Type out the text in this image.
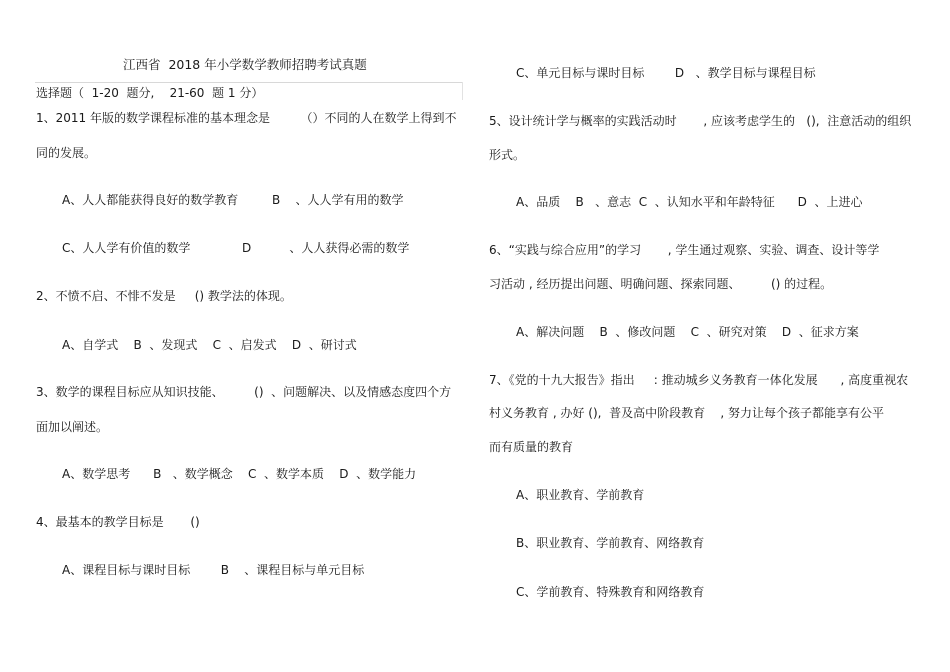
江西省  2018 年小学数学教师招聘考试真题
选择题（  1-20  题分,    21-60  题 1 分）
1、2011 年版的数学课程标准的基本理念是        （）不同的人在数学上得到不
同的发展。
A、人人都能获得良好的数学教育	B    、人人学有用的数学
C、人人学有价值的数学	D          、人人获得必需的数学
2、不愤不启、不悱不发是     () 教学法的体现。
A、自学式    B  、发现式    C  、启发式    D  、研讨式
3、数学的课程目标应从知识技能、        ()  、问题解决、以及情感态度四个方
面加以阐述。
A、数学思考      B   、数学概念    C  、数学本质    D  、数学能力
4、最基本的教学目标是       ()
A、课程目标与课时目标        B    、课程目标与单元目标
C、单元目标与课时目标        D   、教学目标与课程目标
5、设计统计学与概率的实践活动时       , 应该考虑学生的   (),  注意活动的组织
形式。
A、品质    B   、意志  C  、认知水平和年龄特征      D  、上进心
6、“实践与综合应用”的学习       , 学生通过观察、实验、调查、设计等学
习活动 , 经历提出问题、明确问题、探索同题、        () 的过程。
A、解决问题    B  、修改问题    C  、研究对策    D  、征求方案
7、《党的十九大报告》指出     : 推动城乡义务教育一体化发展      , 高度重视农
村义务教育 , 办好 (),  普及高中阶段教育    , 努力让每个孩子都能享有公平
而有质量的教育
A、职业教育、学前教育
B、职业教育、学前教育、网络教育
C、学前教育、特殊教育和网络教育
